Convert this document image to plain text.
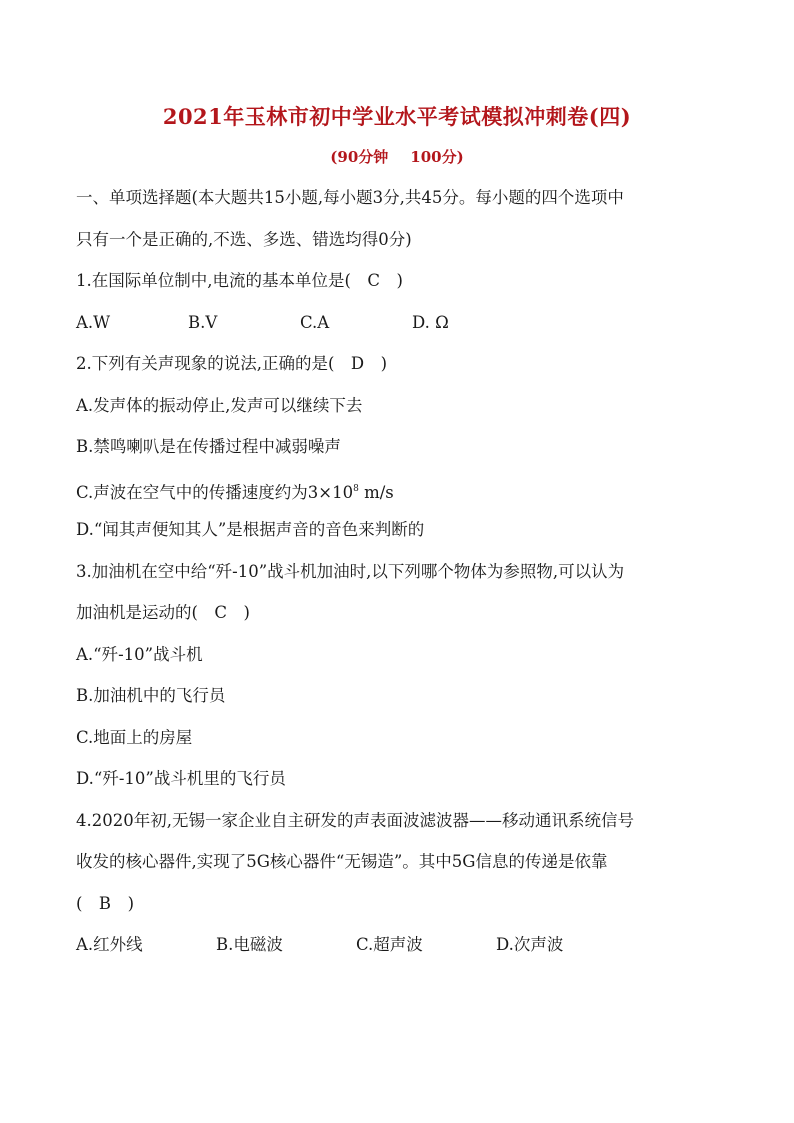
2021年玉林市初中学业水平考试模拟冲刺卷(四)
(90分钟 100分)
一、单项选择题(本大题共15小题,每小题3分,共45分。每小题的四个选项中
只有一个是正确的,不选、多选、错选均得0分)
1.在国际单位制中,电流的基本单位是(　C　)
A.W	B.V	C.A	D. Ω
2.下列有关声现象的说法,正确的是(　D　)
A.发声体的振动停止,发声可以继续下去
B.禁鸣喇叭是在传播过程中减弱噪声
C.声波在空气中的传播速度约为$3\times 10^8$ m/s
D.“闻其声便知其人”是根据声音的音色来判断的
3.加油机在空中给“歼-10”战斗机加油时,以下列哪个物体为参照物,可以认为
加油机是运动的(　C　)
A.“歼-10”战斗机
B.加油机中的飞行员
C.地面上的房屋
D.“歼-10”战斗机里的飞行员
4.2020年初,无锡一家企业自主研发的声表面波滤波器——移动通讯系统信号
收发的核心器件,实现了5G核心器件“无锡造”。其中5G信息的传递是依靠
(　B　)
A.红外线	B.电磁波	C.超声波	D.次声波
